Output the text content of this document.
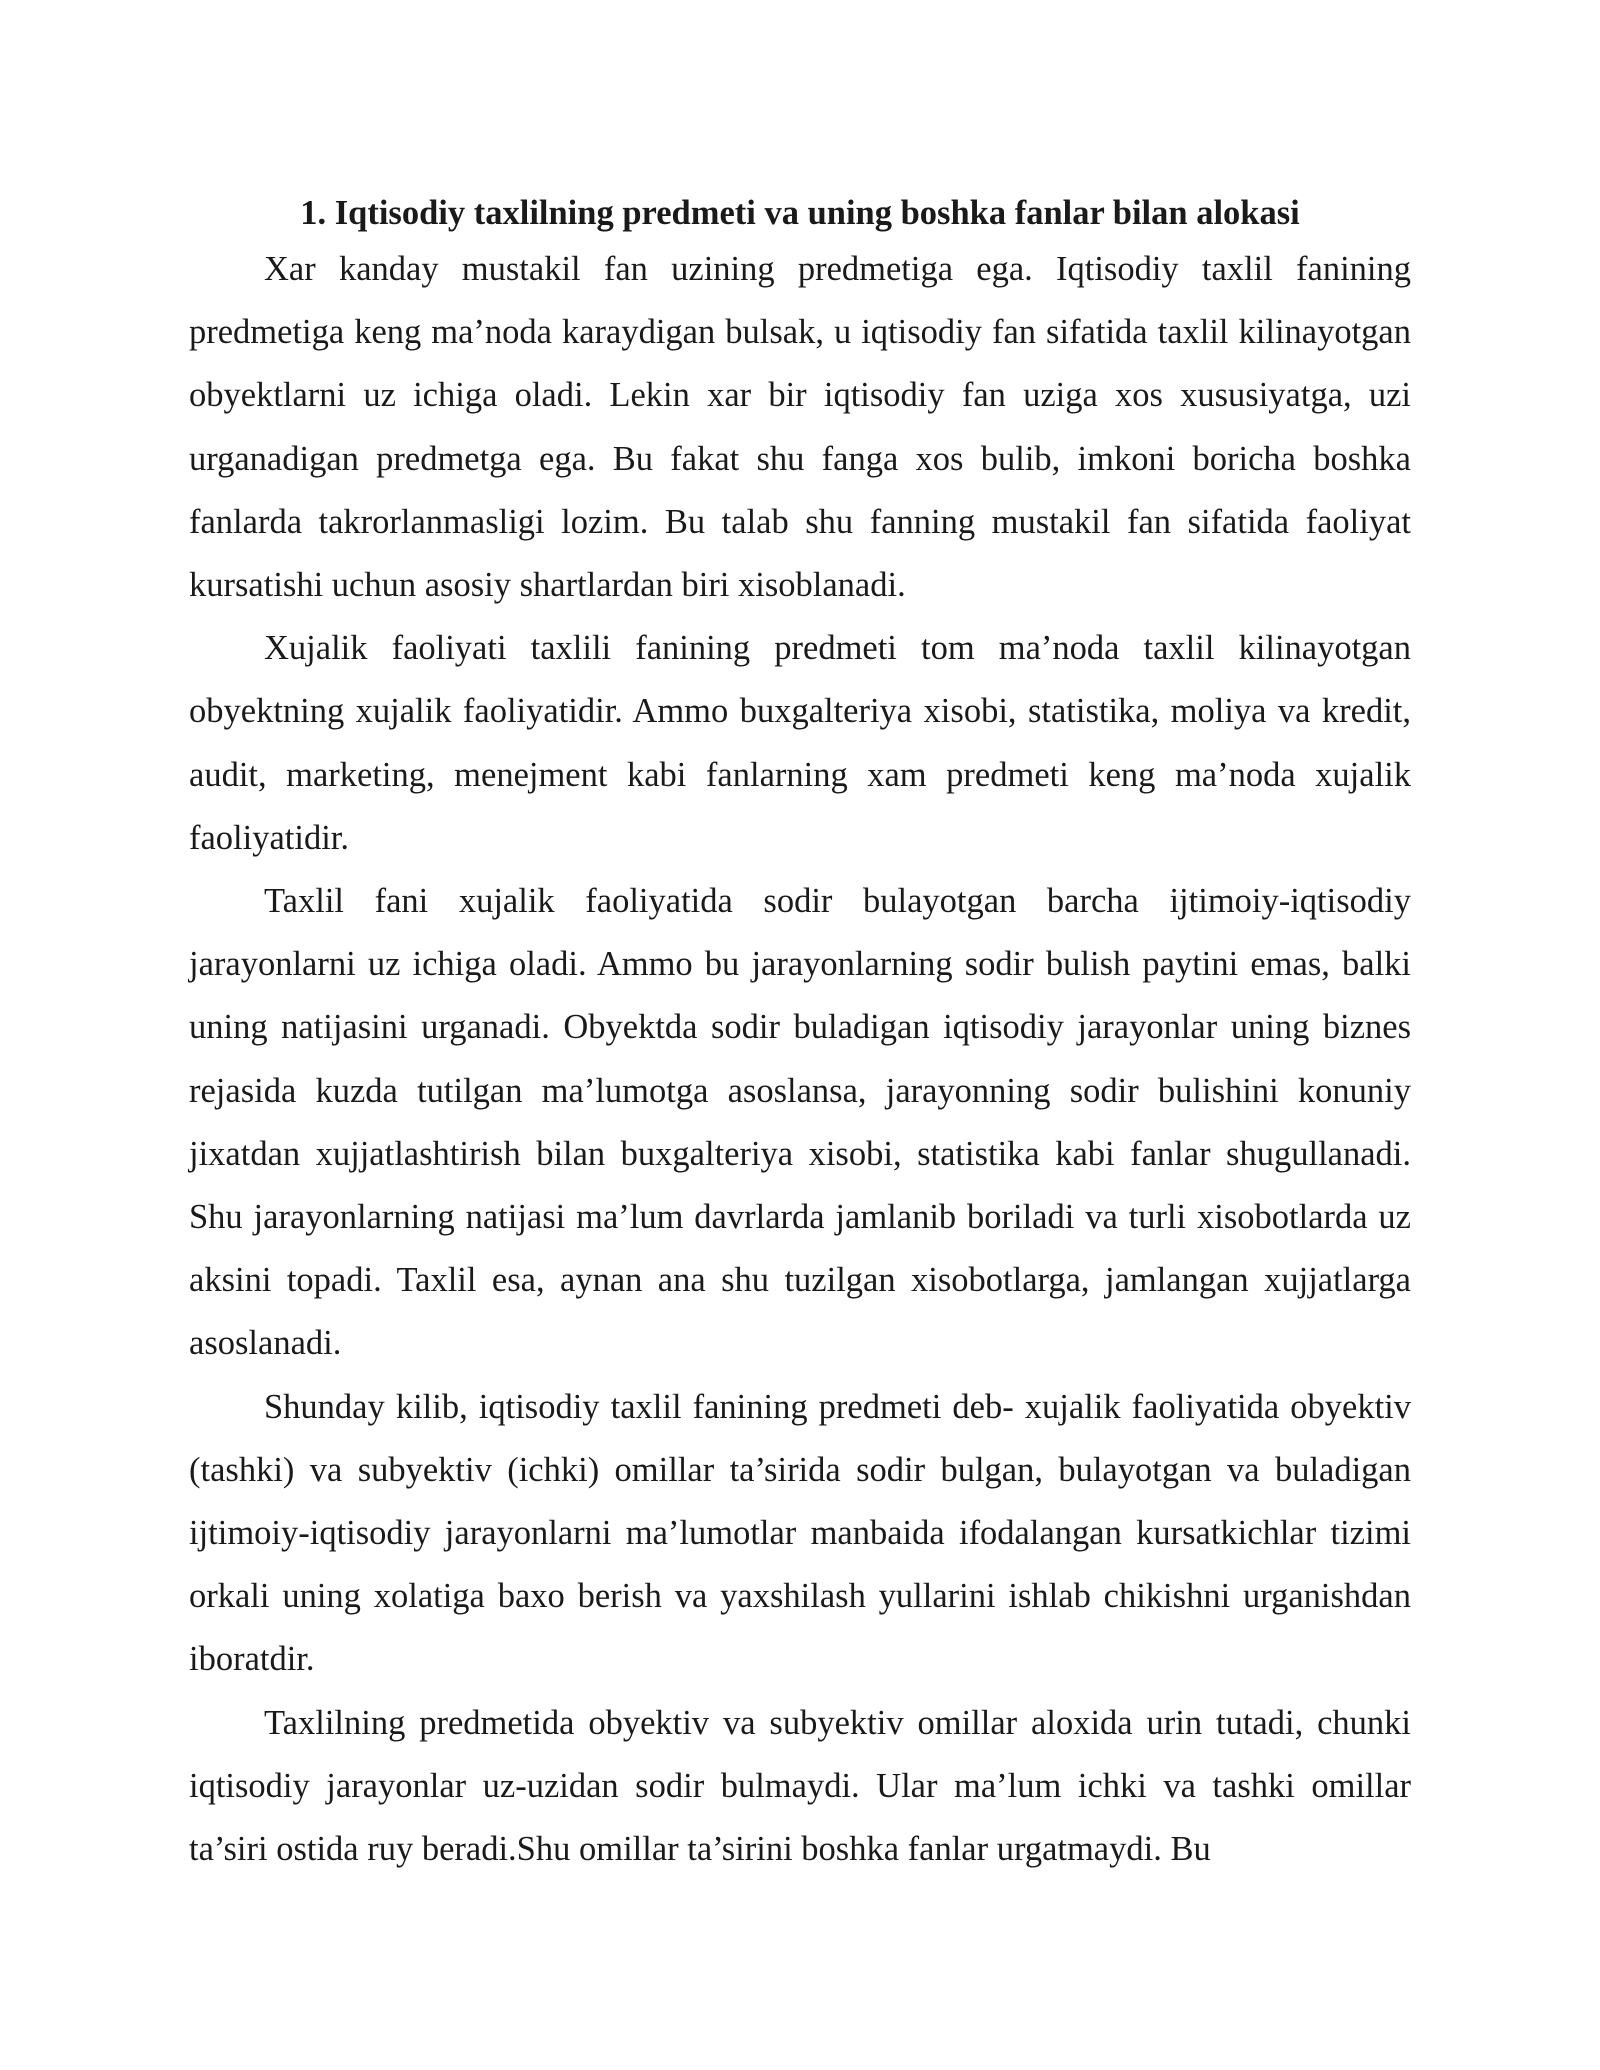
1. Iqtisodiy taxlilning predmeti va uning boshka fanlar bilan alokasi

Xar kanday mustakil fan uzining predmetiga ega. Iqtisodiy taxlil fanining predmetiga keng ma’noda karaydigan bulsak, u iqtisodiy fan sifatida taxlil kilinayotgan obyektlarni uz ichiga oladi. Lekin xar bir iqtisodiy fan uziga xos xususiyatga, uzi urganadigan predmetga ega. Bu fakat shu fanga xos bulib, imkoni boricha boshka fanlarda takrorlanmasligi lozim. Bu talab shu fanning mustakil fan sifatida faoliyat kursatishi uchun asosiy shartlardan biri xisoblanadi.

Xujalik faoliyati taxlili fanining predmeti tom ma’noda taxlil kilinayotgan obyektning xujalik faoliyatidir. Ammo buxgalteriya xisobi, statistika, moliya va kredit, audit, marketing, menejment kabi fanlarning xam predmeti keng ma’noda xujalik faoliyatidir.

Taxlil fani xujalik faoliyatida sodir bulayotgan barcha ijtimoiy-iqtisodiy jarayonlarni uz ichiga oladi. Ammo bu jarayonlarning sodir bulish paytini emas, balki uning natijasini urganadi. Obyektda sodir buladigan iqtisodiy jarayonlar uning biznes rejasida kuzda tutilgan ma’lumotga asoslansa, jarayonning sodir bulishini konuniy jixatdan xujjatlashtirish bilan buxgalteriya xisobi, statistika kabi fanlar shugullanadi. Shu jarayonlarning natijasi ma’lum davrlarda jamlanib boriladi va turli xisobotlarda uz aksini topadi. Taxlil esa, aynan ana shu tuzilgan xisobotlarga, jamlangan xujjatlarga asoslanadi.

Shunday kilib, iqtisodiy taxlil fanining predmeti deb- xujalik faoliyatida obyektiv (tashki) va subyektiv (ichki) omillar ta’sirida sodir bulgan, bulayotgan va buladigan ijtimoiy-iqtisodiy jarayonlarni ma’lumotlar manbaida ifodalangan kursatkichlar tizimi orkali uning xolatiga baxo berish va yaxshilash yullarini ishlab chikishni urganishdan iboratdir.

Taxlilning predmetida obyektiv va subyektiv omillar aloxida urin tutadi, chunki iqtisodiy jarayonlar uz-uzidan sodir bulmaydi. Ular ma’lum ichki va tashki omillar ta’siri ostida ruy beradi.Shu omillar ta’sirini boshka fanlar urgatmaydi. Bu
